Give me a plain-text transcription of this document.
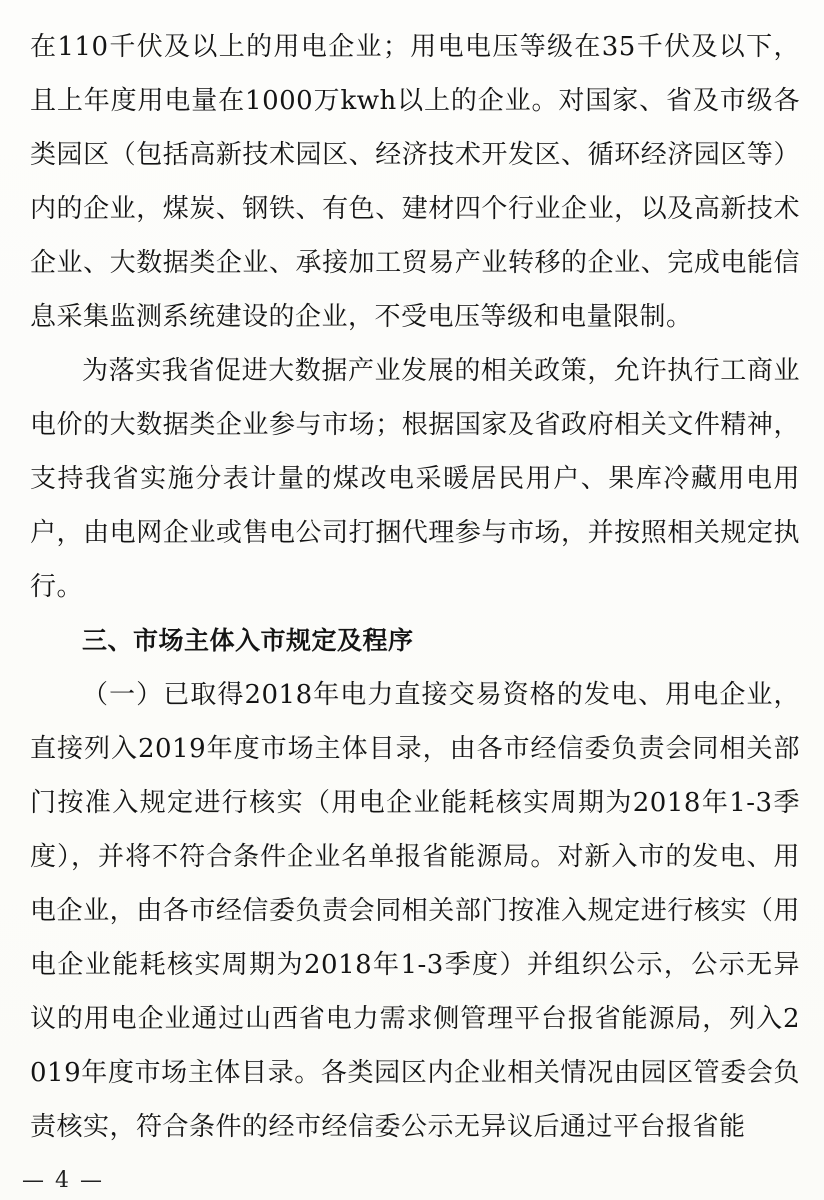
在110千伏及以上的用电企业；用电电压等级在35千伏及以下，且上年度用电量在1000万kwh以上的企业。对国家、省及市级各类园区（包括高新技术园区、经济技术开发区、循环经济园区等）内的企业，煤炭、钢铁、有色、建材四个行业企业，以及高新技术企业、大数据类企业、承接加工贸易产业转移的企业、完成电能信息采集监测系统建设的企业，不受电压等级和电量限制。

为落实我省促进大数据产业发展的相关政策，允许执行工商业电价的大数据类企业参与市场；根据国家及省政府相关文件精神，支持我省实施分表计量的煤改电采暖居民用户、果库冷藏用电用户，由电网企业或售电公司打捆代理参与市场，并按照相关规定执行。

三、市场主体入市规定及程序

（一）已取得2018年电力直接交易资格的发电、用电企业，直接列入2019年度市场主体目录，由各市经信委负责会同相关部门按准入规定进行核实（用电企业能耗核实周期为2018年1-3季度），并将不符合条件企业名单报省能源局。对新入市的发电、用电企业，由各市经信委负责会同相关部门按准入规定进行核实（用电企业能耗核实周期为2018年1-3季度）并组织公示，公示无异议的用电企业通过山西省电力需求侧管理平台报省能源局，列入2019年度市场主体目录。各类园区内企业相关情况由园区管委会负责核实，符合条件的经市经信委公示无异议后通过平台报省能

— 4 —
